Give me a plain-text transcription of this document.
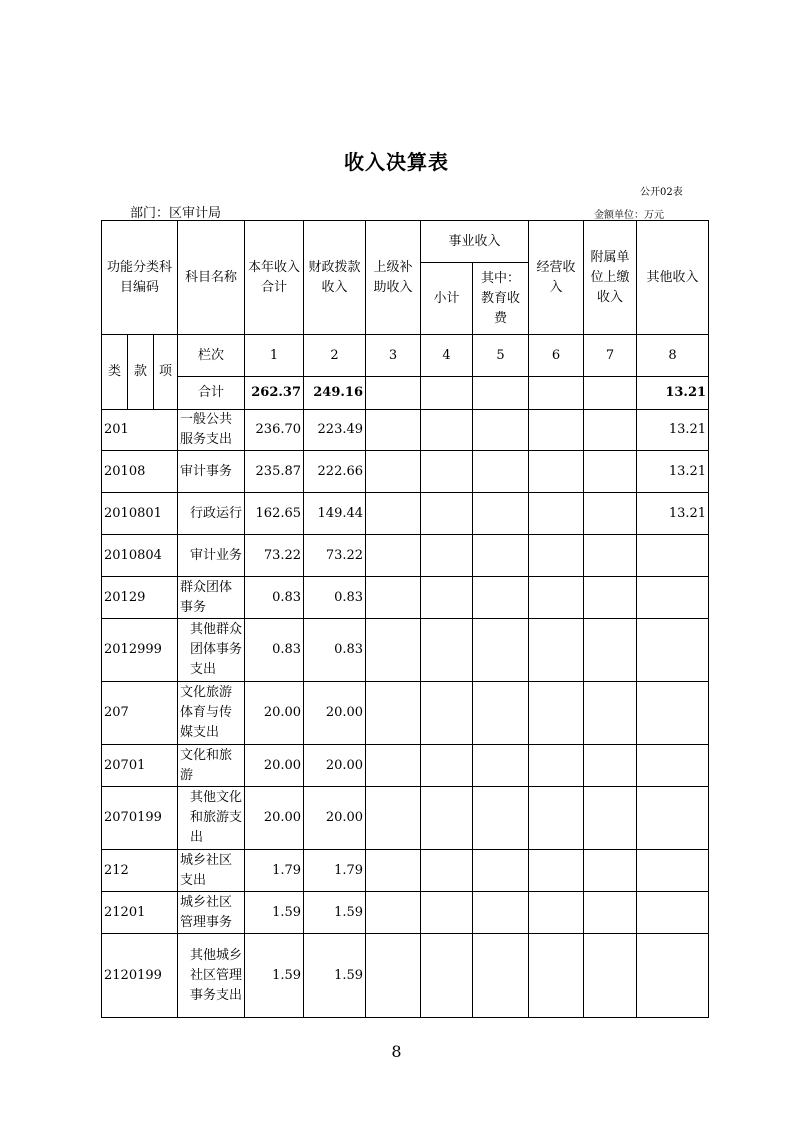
收入决算表
公开02表
部门：区审计局	金额单位：万元
功能分类科目编码			科目名称	本年收入合计	财政拨款收入	上级补助收入	事业收入		经营收入	附属单位上缴收入	其他收入
							小计	其中：教育收费			
类	款	项	栏次	1	2	3	4	5	6	7	8
			合计	262.37	249.16						13.21
201			一般公共服务支出	236.70	223.49						13.21
20108			审计事务	235.87	222.66						13.21
2010801			行政运行	162.65	149.44						13.21
2010804			审计业务	73.22	73.22						
20129			群众团体事务	0.83	0.83						
2012999			其他群众团体事务支出	0.83	0.83						
207			文化旅游体育与传媒支出	20.00	20.00						
20701			文化和旅游	20.00	20.00						
2070199			其他文化和旅游支出	20.00	20.00						
212			城乡社区支出	1.79	1.79						
21201			城乡社区管理事务	1.59	1.59						
2120199			其他城乡社区管理事务支出	1.59	1.59						
8
